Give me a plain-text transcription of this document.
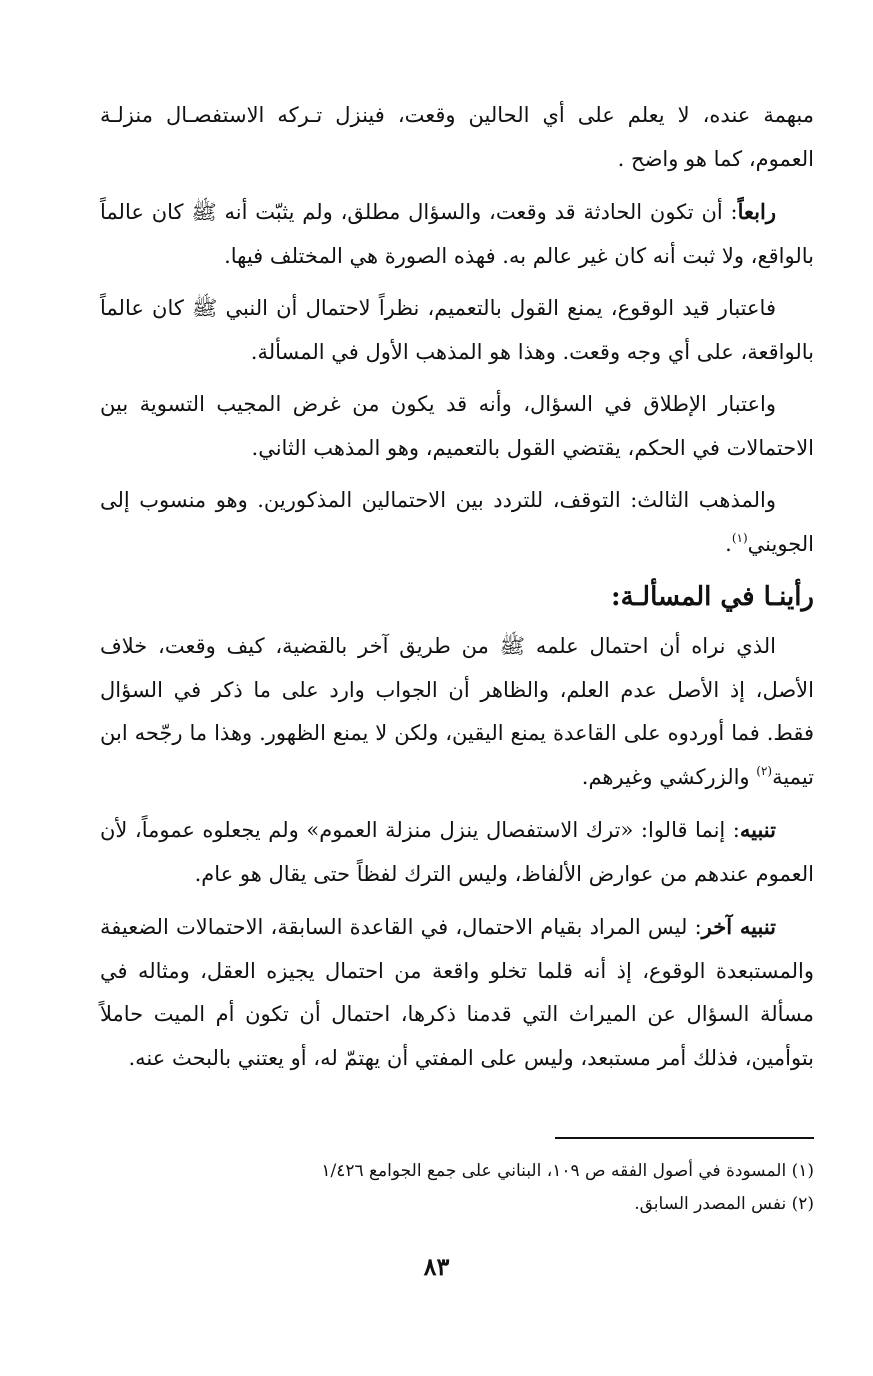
مبهمة عنده، لا يعلم على أي الحالين وقعت، فينزل تـركه الاستفصـال منزلـة العموم، كما هو واضح .

رابعاً: أن تكون الحادثة قد وقعت، والسؤال مطلق، ولم يثبّت أنه ﷺ كان عالماً بالواقع، ولا ثبت أنه كان غير عالم به. فهذه الصورة هي المختلف فيها.

فاعتبار قيد الوقوع، يمنع القول بالتعميم، نظراً لاحتمال أن النبي ﷺ كان عالماً بالواقعة، على أي وجه وقعت. وهذا هو المذهب الأول في المسألة.

واعتبار الإطلاق في السؤال، وأنه قد يكون من غرض المجيب التسوية بين الاحتمالات في الحكم، يقتضي القول بالتعميم، وهو المذهب الثاني.

والمذهب الثالث: التوقف، للتردد بين الاحتمالين المذكورين. وهو منسوب إلى الجويني$^{(١)}$.

رأينـا في المسألـة:

الذي نراه أن احتمال علمه ﷺ من طريق آخر بالقضية، كيف وقعت، خلاف الأصل، إذ الأصل عدم العلم، والظاهر أن الجواب وارد على ما ذكر في السؤال فقط. فما أوردوه على القاعدة يمنع اليقين، ولكن لا يمنع الظهور. وهذا ما رجّحه ابن تيمية$^{(٢)}$ والزركشي وغيرهم.

تنبيه: إنما قالوا: «ترك الاستفصال ينزل منزلة العموم» ولم يجعلوه عموماً، لأن العموم عندهم من عوارض الألفاظ، وليس الترك لفظاً حتى يقال هو عام.

تنبيه آخر: ليس المراد بقيام الاحتمال، في القاعدة السابقة، الاحتمالات الضعيفة والمستبعدة الوقوع، إذ أنه قلما تخلو واقعة من احتمال يجيزه العقل، ومثاله في مسألة السؤال عن الميراث التي قدمنا ذكرها، احتمال أن تكون أم الميت حاملاً بتوأمين، فذلك أمر مستبعد، وليس على المفتي أن يهتمّ له، أو يعتني بالبحث عنه.

(١) المسودة في أصول الفقه ص ١٠٩، البناني على جمع الجوامع ١/٤٢٦

(٢) نفس المصدر السابق.

٨٣
